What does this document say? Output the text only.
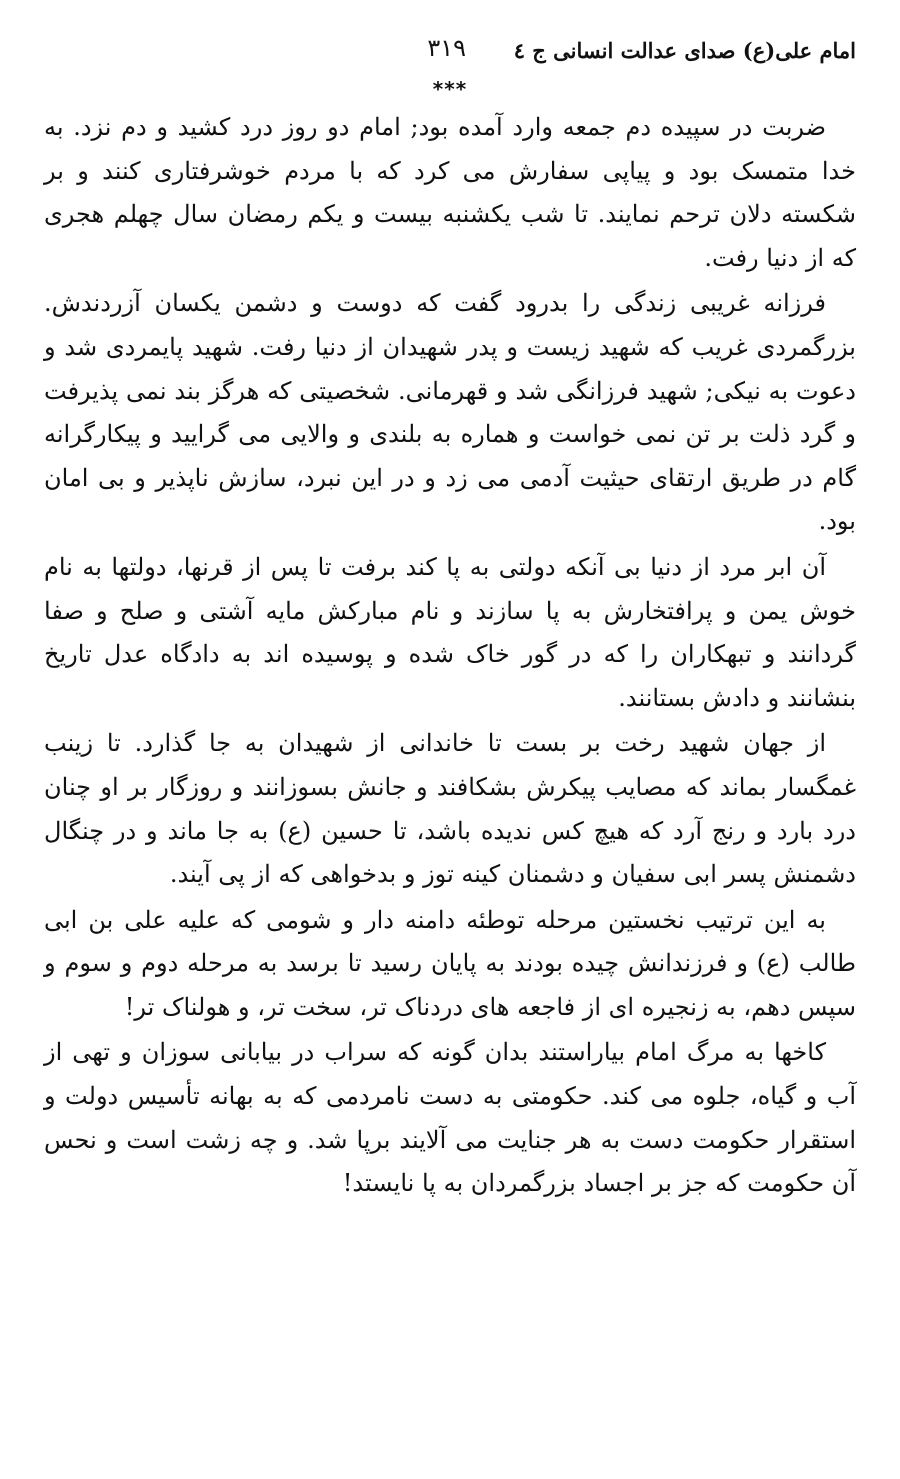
امام علی(ع) صدای عدالت انسانی ج ٤
٣١٩
***

ضربت در سپیده دم جمعه وارد آمده بود; امام دو روز درد کشید و دم نزد. به خدا متمسک بود و پیاپی سفارش می کرد که با مردم خوشرفتاری کنند و بر شکسته دلان ترحم نمایند. تا شب یکشنبه بیست و یکم رمضان سال چهلم هجری که از دنیا رفت.

فرزانه غریبی زندگی را بدرود گفت که دوست و دشمن یکسان آزردندش. بزرگمردی غریب که شهید زیست و پدر شهیدان از دنیا رفت. شهید پایمردی شد و دعوت به نیکی; شهید فرزانگی شد و قهرمانی. شخصیتی که هرگز بند نمی پذیرفت و گرد ذلت بر تن نمی خواست و هماره به بلندی و والایی می گرایید و پیکارگرانه گام در طریق ارتقای حیثیت آدمی می زد و در این نبرد، سازش ناپذیر و بی امان بود.

آن ابر مرد از دنیا بی آنکه دولتی به پا کند برفت تا پس از قرنها، دولتها به نام خوش یمن و پرافتخارش به پا سازند و نام مبارکش مایه آشتی و صلح و صفا گردانند و تبهکاران را که در گور خاک شده و پوسیده اند به دادگاه عدل تاریخ بنشانند و دادش بستانند.

از جهان شهید رخت بر بست تا خاندانی از شهیدان به جا گذارد. تا زینب غمگسار بماند که مصایب پیکرش بشکافند و جانش بسوزانند و روزگار بر او چنان درد بارد و رنج آرد که هیچ کس ندیده باشد، تا حسین (ع) به جا ماند و در چنگال دشمنش پسر ابی سفیان و دشمنان کینه توز و بدخواهی که از پی آیند.

به این ترتیب نخستین مرحله توطئه دامنه دار و شومی که علیه علی بن ابی طالب (ع) و فرزندانش چیده بودند به پایان رسید تا برسد به مرحله دوم و سوم و سپس دهم، به زنجیره ای از فاجعه های دردناک تر، سخت تر، و هولناک تر!

کاخها به مرگ امام بیاراستند بدان گونه که سراب در بیابانی سوزان و تهی از آب و گیاه، جلوه می کند. حکومتی به دست نامردمی که به بهانه تأسیس دولت و استقرار حکومت دست به هر جنایت می آلایند برپا شد. و چه زشت است و نحس آن حکومت که جز بر اجساد بزرگمردان به پا نایستد!
